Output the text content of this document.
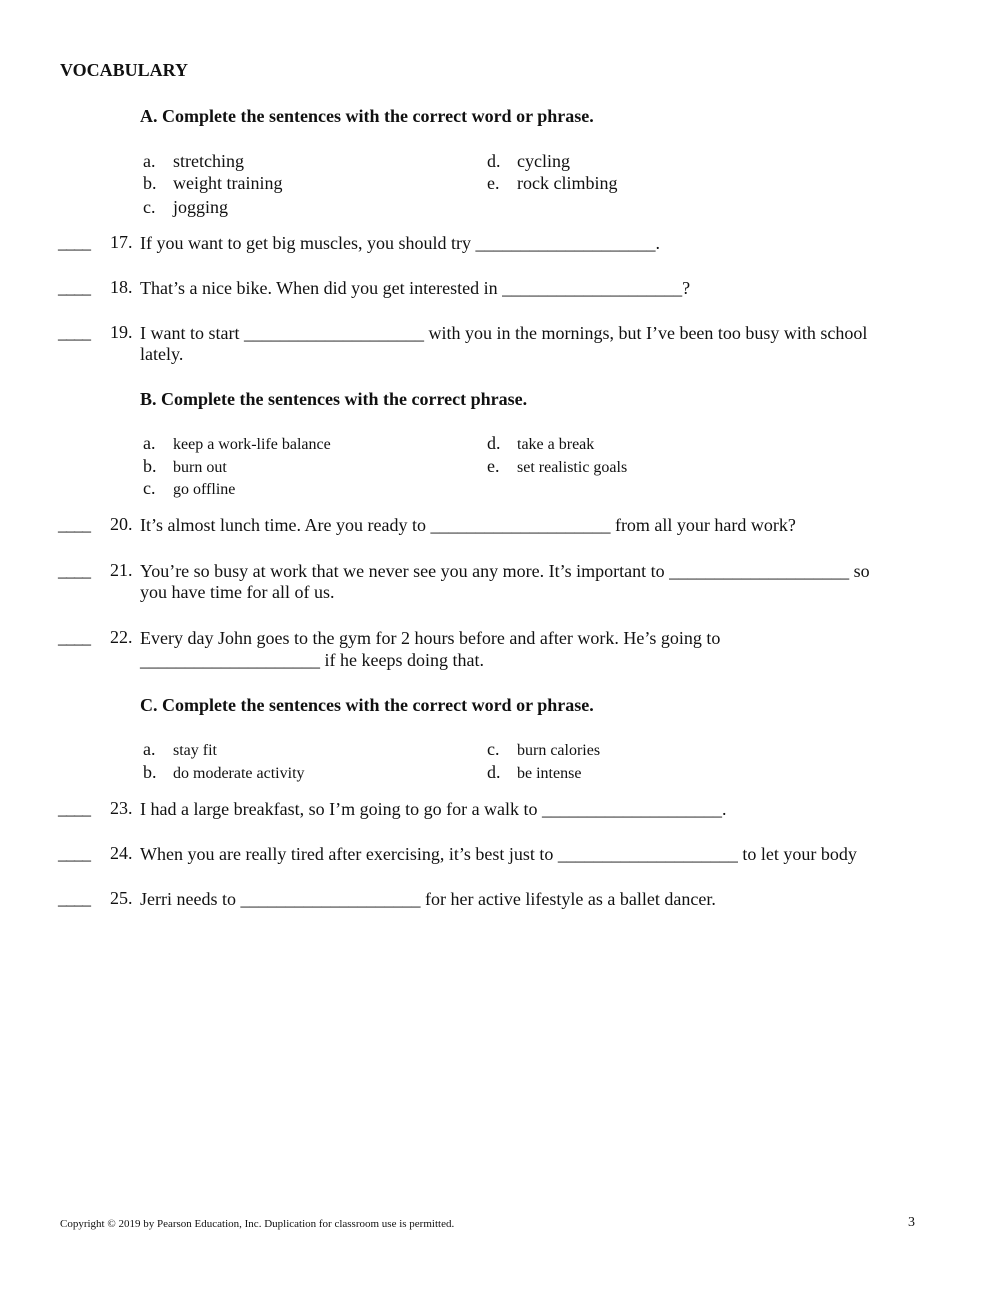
VOCABULARY
A. Complete the sentences with the correct word or phrase.
a. stretching
b. weight training
c. jogging
d. cycling
e. rock climbing
____ 17. If you want to get big muscles, you should try ____________________.
____ 18. That’s a nice bike. When did you get interested in ____________________?
____ 19. I want to start ____________________ with you in the mornings, but I’ve been too busy with school
lately.
B. Complete the sentences with the correct phrase.
a. keep a work-life balance
b. burn out
c. go offline
d. take a break
e. set realistic goals
____ 20. It’s almost lunch time. Are you ready to ____________________ from all your hard work?
____ 21. You’re so busy at work that we never see you any more. It’s important to ____________________ so
you have time for all of us.
____ 22. Every day John goes to the gym for 2 hours before and after work. He’s going to
____________________ if he keeps doing that.
C. Complete the sentences with the correct word or phrase.
a. stay fit
b. do moderate activity
c. burn calories
d. be intense
____ 23. I had a large breakfast, so I’m going to go for a walk to ____________________.
____ 24. When you are really tired after exercising, it’s best just to ____________________ to let your body
____ 25. Jerri needs to ____________________ for her active lifestyle as a ballet dancer.
Copyright © 2019 by Pearson Education, Inc. Duplication for classroom use is permitted.	3
